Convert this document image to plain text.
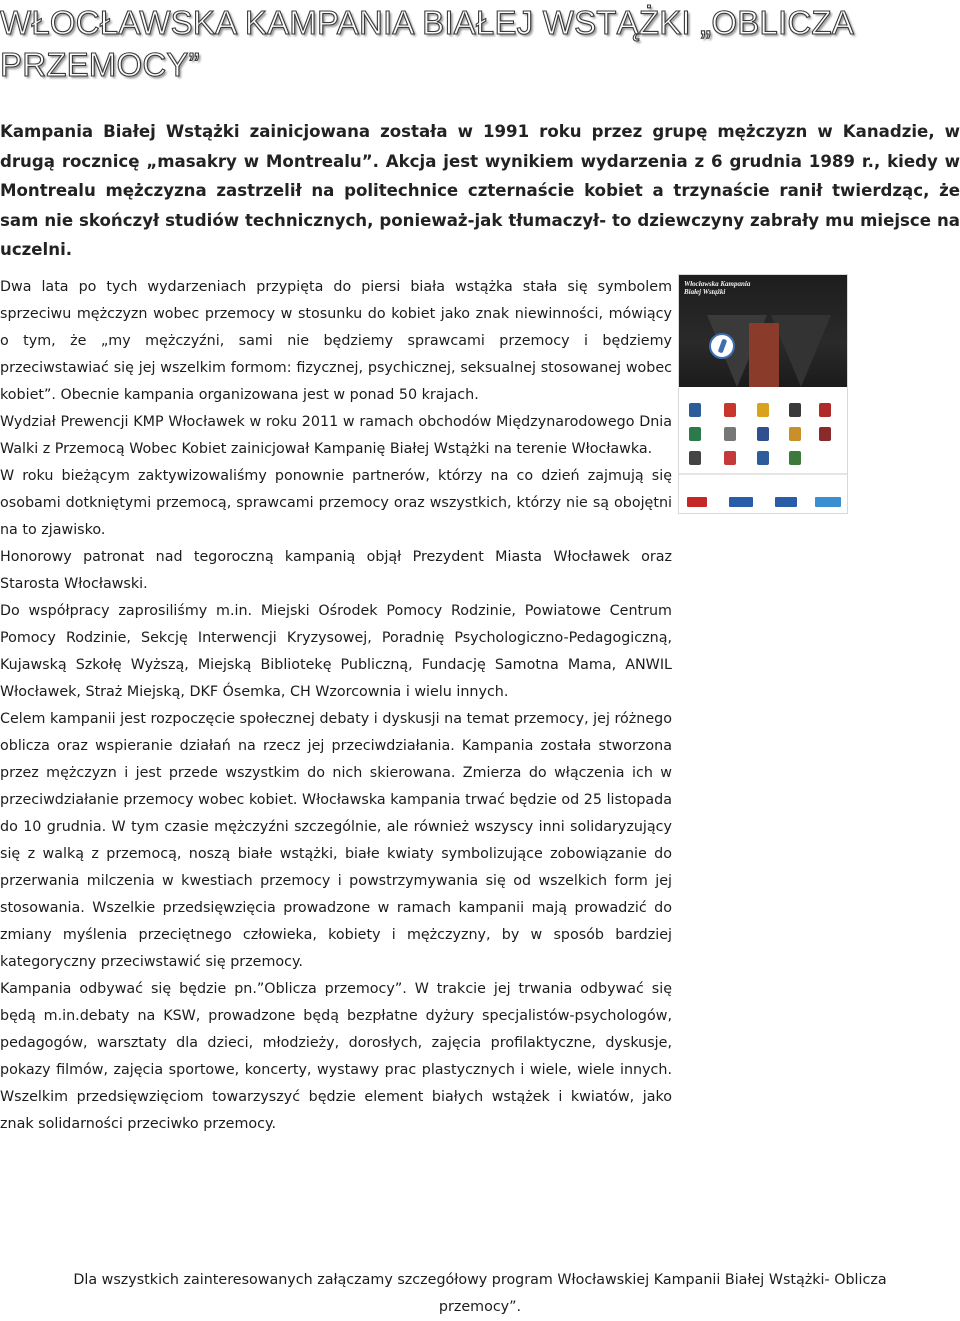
WŁOCŁAWSKA KAMPANIA BIAŁEJ WSTĄŻKI „OBLICZA PRZEMOCY”
Kampania Białej Wstążki zainicjowana została w 1991 roku przez grupę mężczyzn w Kanadzie, w drugą rocznicę „masakry w Montrealu”. Akcja jest wynikiem wydarzenia z 6 grudnia 1989 r., kiedy w Montrealu mężczyzna zastrzelił na politechnice czternaście kobiet a trzynaście ranił twierdząc, że sam nie skończył studiów technicznych, ponieważ-jak tłumaczył- to dziewczyny zabrały mu miejsce na uczelni.
Włocławska Kampania Białej Wstążki

Dwa lata po tych wydarzeniach przypięta do piersi biała wstążka stała się symbolem sprzeciwu mężczyzn wobec przemocy w stosunku do kobiet jako znak niewinności, mówiący o tym, że „my mężczyźni, sami nie będziemy sprawcami przemocy i będziemy przeciwstawiać się jej wszelkim formom: fizycznej, psychicznej, seksualnej stosowanej wobec kobiet”. Obecnie kampania organizowana jest w ponad 50 krajach.

Wydział Prewencji KMP Włocławek w roku 2011 w ramach obchodów Międzynarodowego Dnia Walki z Przemocą Wobec Kobiet zainicjował Kampanię Białej Wstążki na terenie Włocławka.

W roku bieżącym zaktywizowaliśmy ponownie partnerów, którzy na co dzień zajmują się osobami dotkniętymi przemocą, sprawcami przemocy oraz wszystkich, którzy nie są obojętni na to zjawisko.

Honorowy patronat nad tegoroczną kampanią objął Prezydent Miasta Włocławek oraz Starosta Włocławski.

Do współpracy zaprosiliśmy m.in. Miejski Ośrodek Pomocy Rodzinie, Powiatowe Centrum Pomocy Rodzinie, Sekcję Interwencji Kryzysowej, Poradnię Psychologiczno-Pedagogiczną, Kujawską Szkołę Wyższą, Miejską Bibliotekę Publiczną, Fundację Samotna Mama, ANWIL Włocławek, Straż Miejską, DKF Ósemka, CH Wzorcownia i wielu innych.

Celem kampanii jest rozpoczęcie społecznej debaty i dyskusji na temat przemocy, jej różnego oblicza oraz wspieranie działań na rzecz jej przeciwdziałania. Kampania została stworzona przez mężczyzn i jest przede wszystkim do nich skierowana. Zmierza do włączenia ich w przeciwdziałanie przemocy wobec kobiet. Włocławska kampania trwać będzie od 25 listopada do 10 grudnia. W tym czasie mężczyźni szczególnie, ale również wszyscy inni solidaryzujący się z walką z przemocą, noszą białe wstążki, białe kwiaty symbolizujące zobowiązanie do przerwania milczenia w kwestiach przemocy i powstrzymywania się od wszelkich form jej stosowania. Wszelkie przedsięwzięcia prowadzone w ramach kampanii mają prowadzić do zmiany myślenia przeciętnego człowieka, kobiety i mężczyzny, by w sposób bardziej kategoryczny przeciwstawić się przemocy.

Kampania odbywać się będzie pn.”Oblicza przemocy”. W trakcie jej trwania odbywać się będą m.in.debaty na KSW, prowadzone będą bezpłatne dyżury specjalistów-psychologów, pedagogów, warsztaty dla dzieci, młodzieży, dorosłych, zajęcia profilaktyczne, dyskusje, pokazy filmów, zajęcia sportowe, koncerty, wystawy prac plastycznych i wiele, wiele innych. Wszelkim przedsięwzięciom towarzyszyć będzie element białych wstążek i kwiatów, jako znak solidarności przeciwko przemocy.

Dla wszystkich zainteresowanych załączamy szczegółowy program Włocławskiej Kampanii Białej Wstążki- Oblicza przemocy”.
